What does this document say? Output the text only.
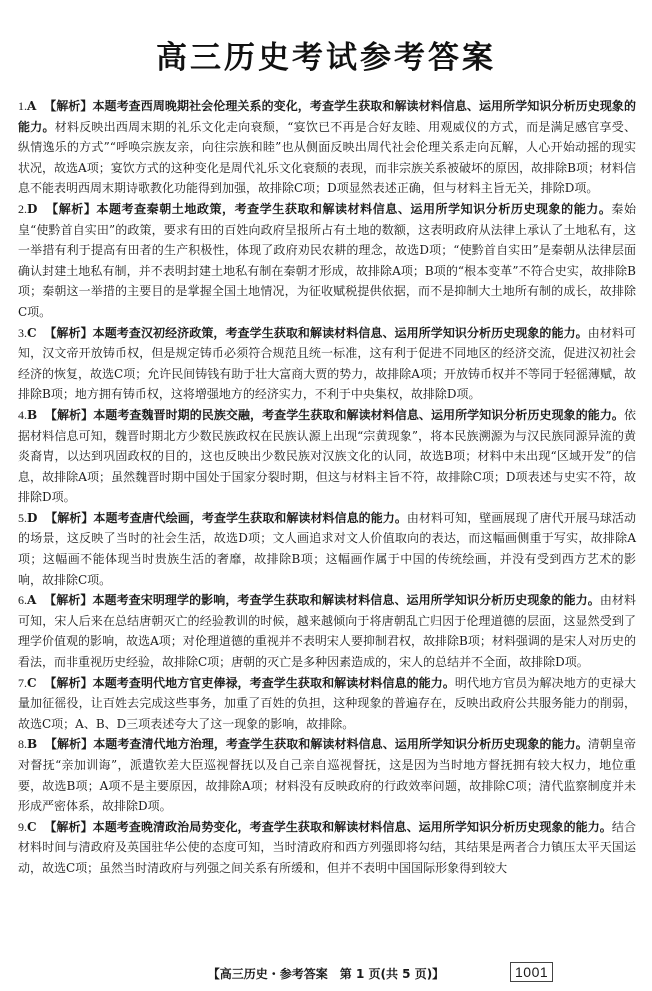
高三历史考试参考答案

1.A 【解析】本题考查西周晚期社会伦理关系的变化，考查学生获取和解读材料信息、运用所学知识分析历史现象的能力。材料反映出西周末期的礼乐文化走向衰颓，“宴饮已不再是合好友睦、用观威仪的方式，而是满足感官享受、纵情逸乐的方式”“呼唤宗族友亲，向往宗族和睦”也从侧面反映出周代社会伦理关系走向瓦解，人心开始动摇的现实状况，故选A项；宴饮方式的这种变化是周代礼乐文化衰颓的表现，而非宗族关系被破坏的原因，故排除B项；材料信息不能表明西周末期诗歌教化功能得到加强，故排除C项；D项显然表述正确，但与材料主旨无关，排除D项。

2.D 【解析】本题考查秦朝土地政策，考查学生获取和解读材料信息、运用所学知识分析历史现象的能力。秦始皇“使黔首自实田”的政策，要求有田的百姓向政府呈报所占有土地的数额，这表明政府从法律上承认了土地私有，这一举措有利于提高有田者的生产积极性，体现了政府劝民农耕的理念，故选D项；“使黔首自实田”是秦朝从法律层面确认封建土地私有制，并不表明封建土地私有制在秦朝才形成，故排除A项；B项的“根本变革”不符合史实，故排除B项；秦朝这一举措的主要目的是掌握全国土地情况，为征收赋税提供依据，而不是抑制大土地所有制的成长，故排除C项。

3.C 【解析】本题考查汉初经济政策，考查学生获取和解读材料信息、运用所学知识分析历史现象的能力。由材料可知，汉文帝开放铸币权，但是规定铸币必须符合规范且统一标准，这有利于促进不同地区的经济交流，促进汉初社会经济的恢复，故选C项；允许民间铸钱有助于壮大富商大贾的势力，故排除A项；开放铸币权并不等同于轻徭薄赋，故排除B项；地方拥有铸币权，这将增强地方的经济实力，不利于中央集权，故排除D项。

4.B 【解析】本题考查魏晋时期的民族交融，考查学生获取和解读材料信息、运用所学知识分析历史现象的能力。依据材料信息可知，魏晋时期北方少数民族政权在民族认源上出现“宗黄现象”，将本民族溯源为与汉民族同源异流的黄炎裔胄，以达到巩固政权的目的，这也反映出少数民族对汉族文化的认同，故选B项；材料中未出现“区域开发”的信息，故排除A项；虽然魏晋时期中国处于国家分裂时期，但这与材料主旨不符，故排除C项；D项表述与史实不符，故排除D项。

5.D 【解析】本题考查唐代绘画，考查学生获取和解读材料信息的能力。由材料可知，壁画展现了唐代开展马球活动的场景，这反映了当时的社会生活，故选D项；文人画追求对文人价值取向的表达，而这幅画侧重于写实，故排除A项；这幅画不能体现当时贵族生活的奢靡，故排除B项；这幅画作属于中国的传统绘画，并没有受到西方艺术的影响，故排除C项。

6.A 【解析】本题考查宋明理学的影响，考查学生获取和解读材料信息、运用所学知识分析历史现象的能力。由材料可知，宋人后来在总结唐朝灭亡的经验教训的时候，越来越倾向于将唐朝乱亡归因于伦理道德的层面，这显然受到了理学价值观的影响，故选A项；对伦理道德的重视并不表明宋人要抑制君权，故排除B项；材料强调的是宋人对历史的看法，而非重视历史经验，故排除C项；唐朝的灭亡是多种因素造成的，宋人的总结并不全面，故排除D项。

7.C 【解析】本题考查明代地方官吏俸禄，考查学生获取和解读材料信息的能力。明代地方官员为解决地方的吏禄大量加征徭役，让百姓去完成这些事务，加重了百姓的负担，这种现象的普遍存在，反映出政府公共服务能力的削弱，故选C项；A、B、D三项表述夸大了这一现象的影响，故排除。

8.B 【解析】本题考查清代地方治理，考查学生获取和解读材料信息、运用所学知识分析历史现象的能力。清朝皇帝对督抚“亲加训诲”，派遣钦差大臣巡视督抚以及自己亲自巡视督抚，这是因为当时地方督抚拥有较大权力，地位重要，故选B项；A项不是主要原因，故排除A项；材料没有反映政府的行政效率问题，故排除C项；清代监察制度并未形成严密体系，故排除D项。

9.C 【解析】本题考查晚清政治局势变化，考查学生获取和解读材料信息、运用所学知识分析历史现象的能力。结合材料时间与清政府及英国驻华公使的态度可知，当时清政府和西方列强即将勾结，其结果是两者合力镇压太平天国运动，故选C项；虽然当时清政府与列强之间关系有所缓和，但并不表明中国国际形象得到较大

【高三历史・参考答案　第 1 页(共 5 页)】	1001
